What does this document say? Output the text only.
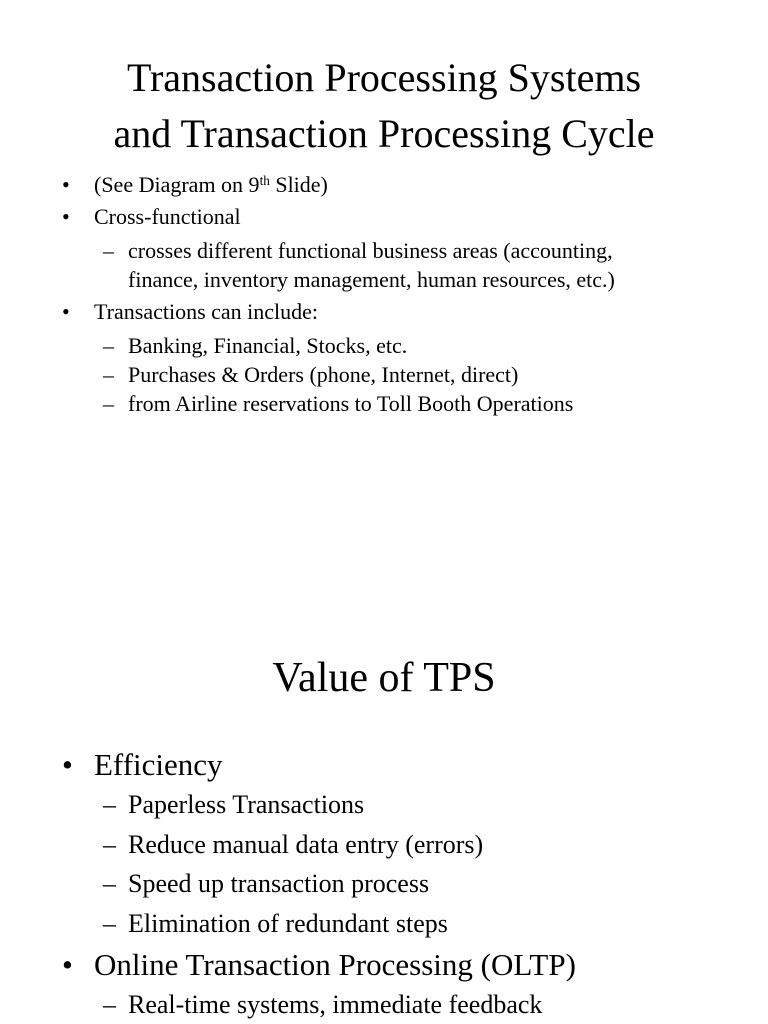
Transaction Processing Systems
and Transaction Processing Cycle
• (See Diagram on 9th Slide)
• Cross-functional
– crosses different functional business areas (accounting,
finance, inventory management, human resources, etc.)
• Transactions can include:
– Banking, Financial, Stocks, etc.
– Purchases & Orders (phone, Internet, direct)
– from Airline reservations to Toll Booth Operations
Value of TPS
• Efficiency
– Paperless Transactions
– Reduce manual data entry (errors)
– Speed up transaction process
– Elimination of redundant steps
• Online Transaction Processing (OLTP)
– Real-time systems, immediate feedback
